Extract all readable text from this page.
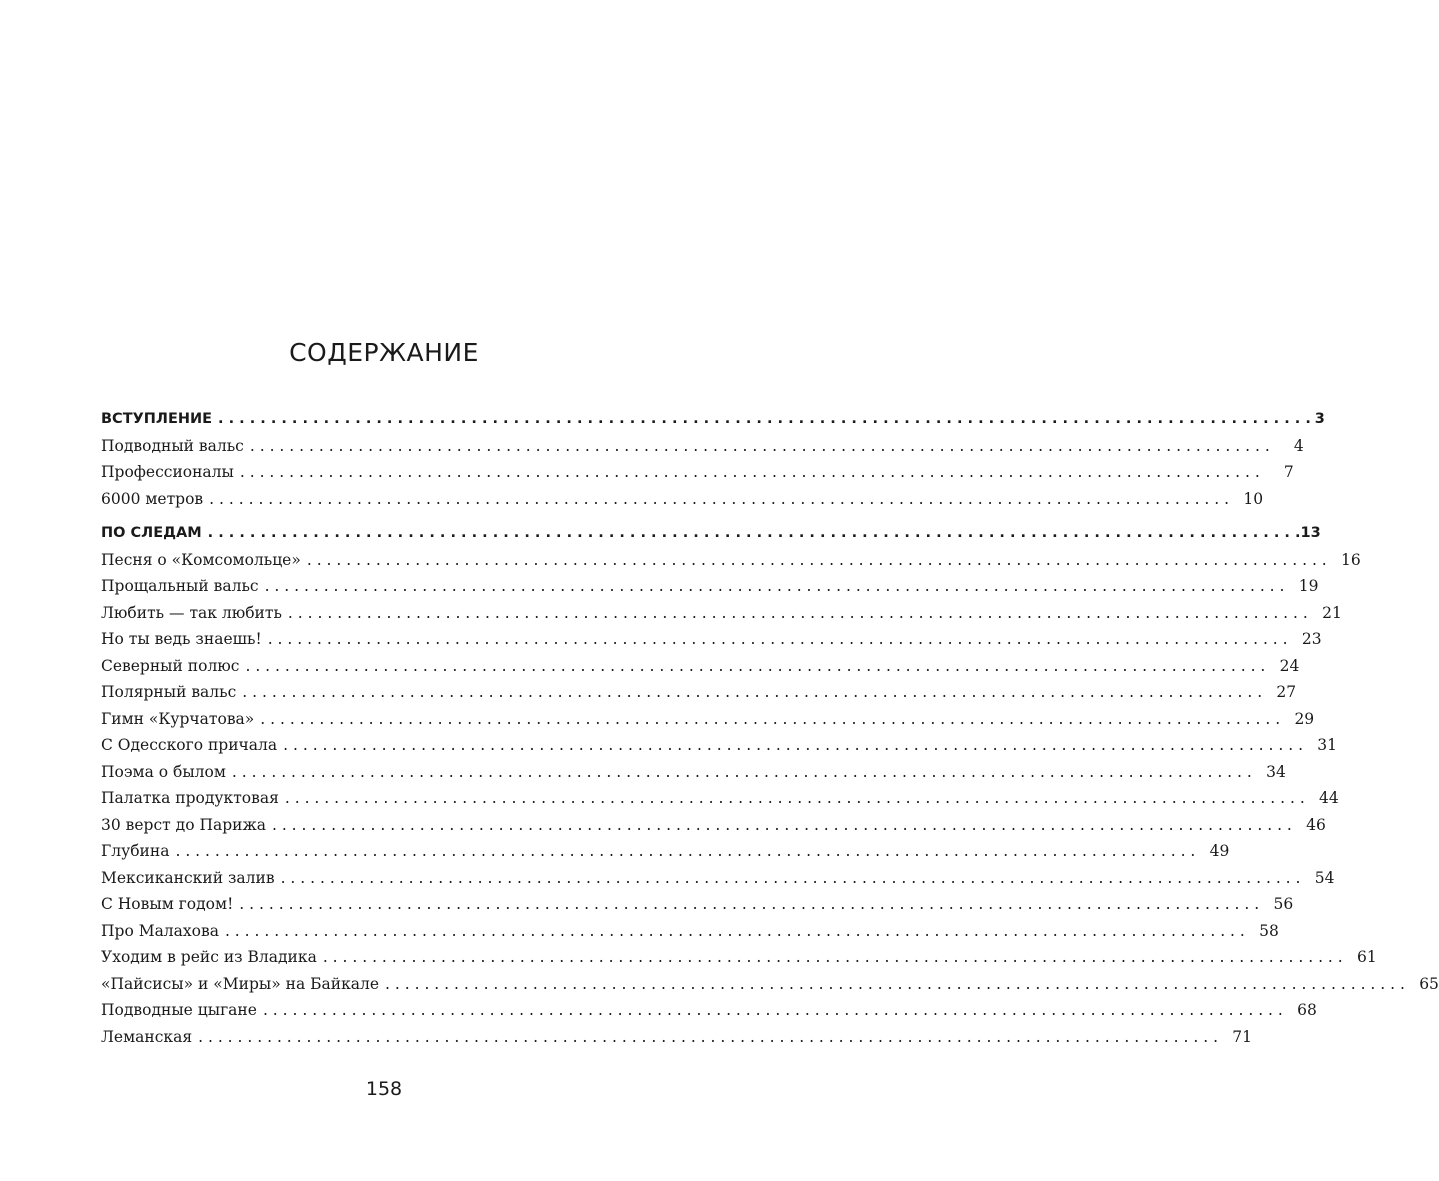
СОДЕРЖАНИЕ
ВСТУПЛЕНИЕ . . .	3
Подводный вальс . . .	4
Профессионалы . . .	7
6000 метров . . .	10
ПО СЛЕДАМ . . .	13
Песня о «Комсомольце» . . .	16
Прощальный вальс . . .	19
Любить — так любить . . .	21
Но ты ведь знаешь! . . .	23
Северный полюс . . .	24
Полярный вальс . . .	27
Гимн «Курчатова» . . .	29
С Одесского причала . . .	31
Поэма о былом . . .	34
Палатка продуктовая . . .	44
30 верст до Парижа . . .	46
Глубина . . .	49
Мексиканский залив . . .	54
С Новым годом! . . .	56
Про Малахова . . .	58
Уходим в рейс из Владика . . .	61
«Пайсисы» и «Миры» на Байкале . . .	65
Подводные цыгане . . .	68
Леманская . . .	71
158
